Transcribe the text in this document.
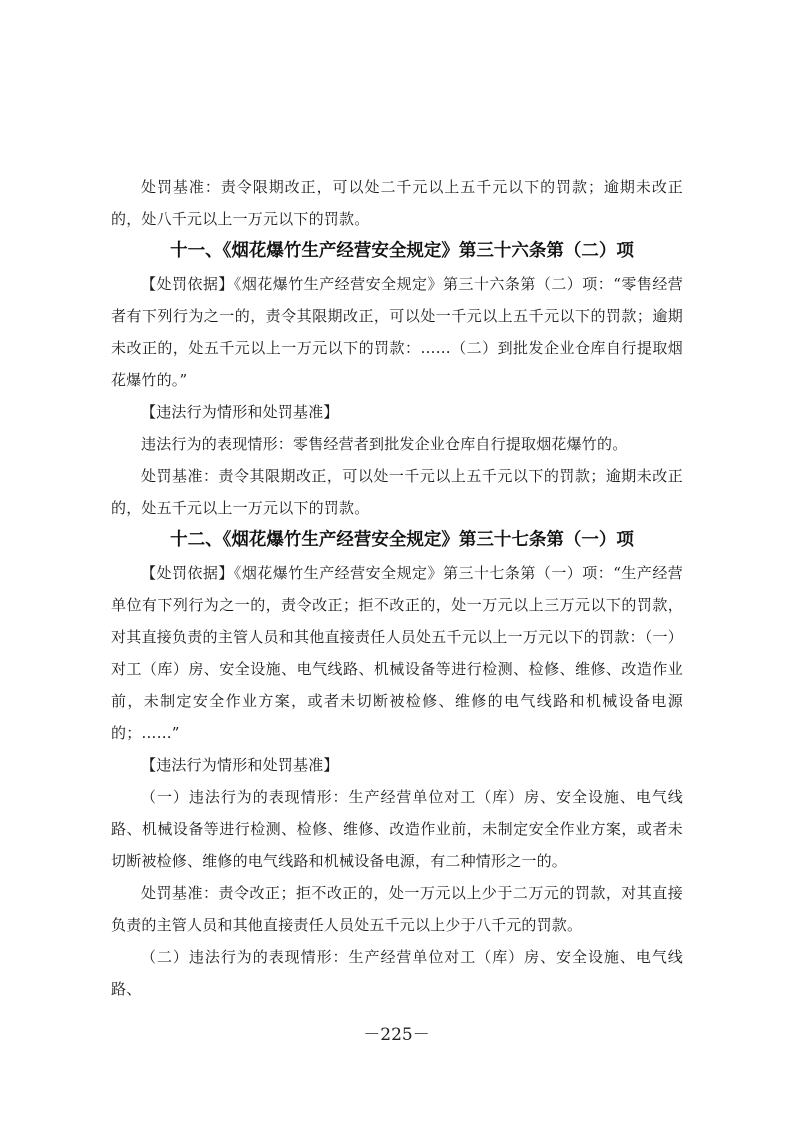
处罚基准：责令限期改正，可以处二千元以上五千元以下的罚款；逾期未改正的，处八千元以上一万元以下的罚款。

十一、《烟花爆竹生产经营安全规定》第三十六条第（二）项

【处罚依据】《烟花爆竹生产经营安全规定》第三十六条第（二）项：“零售经营者有下列行为之一的，责令其限期改正，可以处一千元以上五千元以下的罚款；逾期未改正的，处五千元以上一万元以下的罚款：……（二）到批发企业仓库自行提取烟花爆竹的。”

【违法行为情形和处罚基准】

违法行为的表现情形：零售经营者到批发企业仓库自行提取烟花爆竹的。

处罚基准：责令其限期改正，可以处一千元以上五千元以下的罚款；逾期未改正的，处五千元以上一万元以下的罚款。

十二、《烟花爆竹生产经营安全规定》第三十七条第（一）项

【处罚依据】《烟花爆竹生产经营安全规定》第三十七条第（一）项：“生产经营单位有下列行为之一的，责令改正；拒不改正的，处一万元以上三万元以下的罚款，对其直接负责的主管人员和其他直接责任人员处五千元以上一万元以下的罚款：（一）对工（库）房、安全设施、电气线路、机械设备等进行检测、检修、维修、改造作业前，未制定安全作业方案，或者未切断被检修、维修的电气线路和机械设备电源的；……”

【违法行为情形和处罚基准】

（一）违法行为的表现情形：生产经营单位对工（库）房、安全设施、电气线路、机械设备等进行检测、检修、维修、改造作业前，未制定安全作业方案，或者未切断被检修、维修的电气线路和机械设备电源，有二种情形之一的。

处罚基准：责令改正；拒不改正的，处一万元以上少于二万元的罚款，对其直接负责的主管人员和其他直接责任人员处五千元以上少于八千元的罚款。

（二）违法行为的表现情形：生产经营单位对工（库）房、安全设施、电气线路、

－225－
